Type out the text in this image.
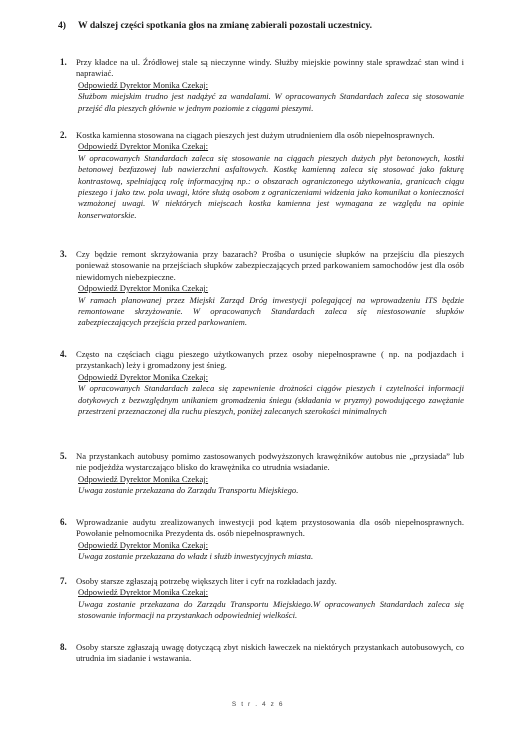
4) W dalszej części spotkania głos na zmianę zabierali pozostali uczestnicy.
1. Przy kładce na ul. Źródłowej stale są nieczynne windy. Służby miejskie powinny stale sprawdzać stan wind i naprawiać.
Odpowiedź Dyrektor Monika Czekaj:
Służbom miejskim trudno jest nadążyć za wandalami. W opracowanych Standardach zaleca się stosowanie przejść dla pieszych głównie w jednym poziomie z ciągami pieszymi.
2. Kostka kamienna stosowana na ciągach pieszych jest dużym utrudnieniem dla osób niepełnosprawnych.
Odpowiedź Dyrektor Monika Czekaj:
W opracowanych Standardach zaleca się stosowanie na ciągach pieszych dużych płyt betonowych, kostki betonowej bezfazowej lub nawierzchni asfaltowych. Kostkę kamienną zaleca się stosować jako fakturę kontrastową, spełniającą rolę informacyjną np.: o obszarach ograniczonego użytkowania, granicach ciągu pieszego i jako tzw. pola uwagi, które służą osobom z ograniczeniami widzenia jako komunikat o konieczności wzmożonej uwagi. W niektórych miejscach kostka kamienna jest wymagana ze względu na opinie konserwatorskie.
3. Czy będzie remont skrzyżowania przy bazarach? Prośba o usunięcie słupków na przejściu dla pieszych ponieważ stosowanie na przejściach słupków zabezpieczających przed parkowaniem samochodów jest dla osób niewidomych niebezpieczne.
Odpowiedź Dyrektor Monika Czekaj:
W ramach planowanej przez Miejski Zarząd Dróg inwestycji polegającej na wprowadzeniu ITS będzie remontowane skrzyżowanie. W opracowanych Standardach zaleca się niestosowanie słupków zabezpieczających przejścia przed parkowaniem.
4. Często na częściach ciągu pieszego użytkowanych przez osoby niepełnosprawne ( np. na podjazdach i przystankach) leży i gromadzony jest śnieg.
Odpowiedź Dyrektor Monika Czekaj:
W opracowanych Standardach zaleca się zapewnienie drożności ciągów pieszych i czytelności informacji dotykowych z bezwzględnym unikaniem gromadzenia śniegu (składania w pryzmy) powodującego zawężanie przestrzeni przeznaczonej dla ruchu pieszych, poniżej zalecanych szerokości minimalnych
5. Na przystankach autobusy pomimo zastosowanych podwyższonych krawężników autobus nie „przysiada” lub nie podjeżdża wystarczająco blisko do krawężnika co utrudnia wsiadanie.
Odpowiedź Dyrektor Monika Czekaj:
Uwaga zostanie przekazana do Zarządu Transportu Miejskiego.
6. Wprowadzanie audytu zrealizowanych inwestycji pod kątem przystosowania dla osób niepełnosprawnych. Powołanie pełnomocnika Prezydenta ds. osób niepełnosprawnych.
Odpowiedź Dyrektor Monika Czekaj:
Uwaga zostanie przekazana do władz i służb inwestycyjnych miasta.
7. Osoby starsze zgłaszają potrzebę większych liter i cyfr na rozkładach jazdy.
Odpowiedź Dyrektor Monika Czekaj:
Uwaga zostanie przekazana do Zarządu Transportu Miejskiego.W opracowanych Standardach zaleca się stosowanie informacji na przystankach odpowiedniej wielkości.
8. Osoby starsze zgłaszają uwagę dotyczącą zbyt niskich ławeczek na niektórych przystankach autobusowych, co utrudnia im siadanie i wstawania.
S t r . 4 z 6
